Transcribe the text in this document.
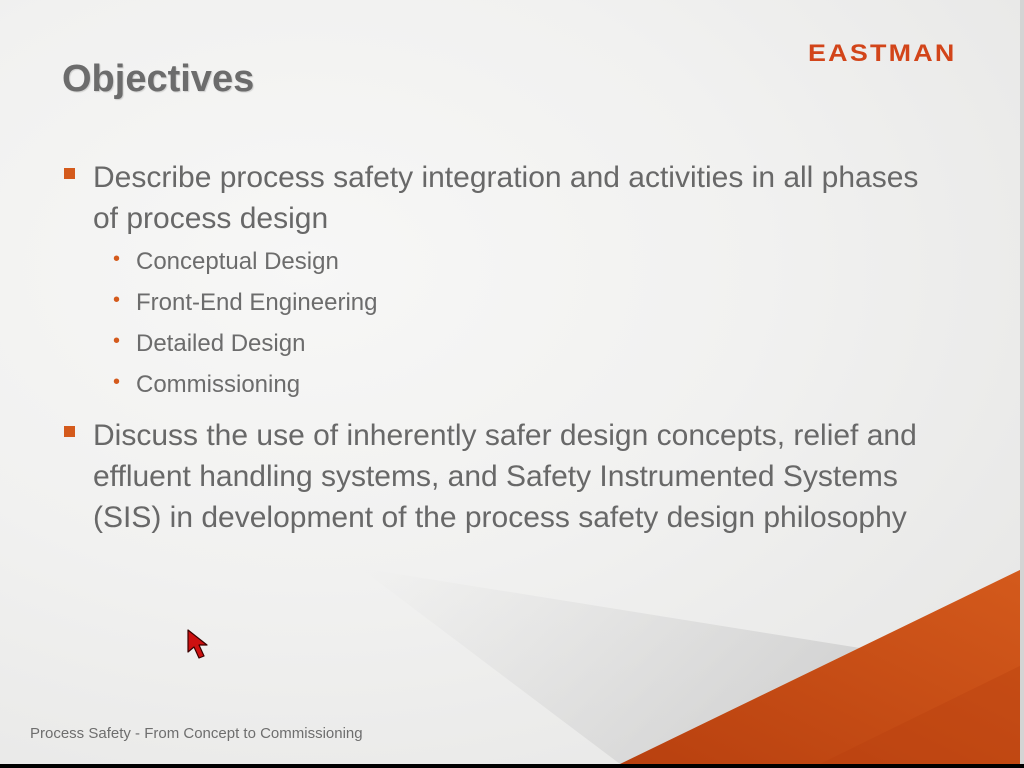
EASTMAN

Objectives
Describe process safety integration and activities in all phases of process design
• Conceptual Design
• Front-End Engineering
• Detailed Design
• Commissioning
Discuss the use of inherently safer design concepts, relief and effluent handling systems, and Safety Instrumented Systems (SIS) in development of the process safety design philosophy

Process Safety - From Concept to Commissioning
